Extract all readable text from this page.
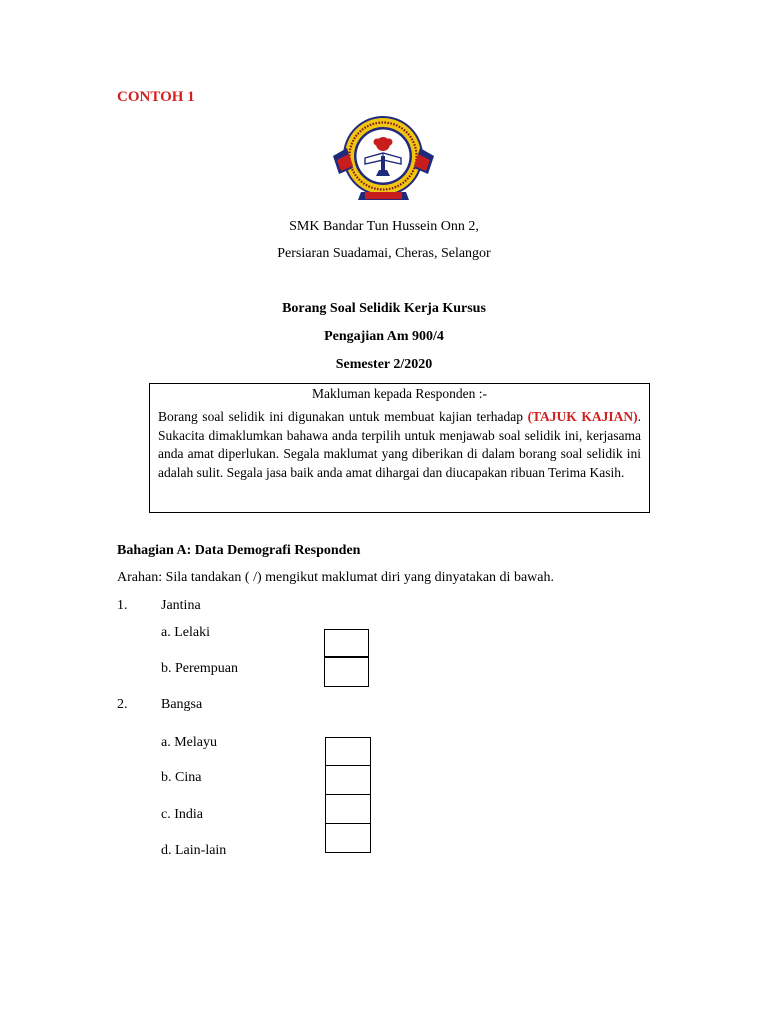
CONTOH 1
SMK Bandar Tun Hussein Onn 2,
Persiaran Suadamai, Cheras, Selangor
Borang Soal Selidik Kerja Kursus
Pengajian Am 900/4
Semester 2/2020
Makluman kepada Responden :-
Borang soal selidik ini digunakan untuk membuat kajian terhadap (TAJUK KAJIAN). Sukacita dimaklumkan bahawa anda terpilih untuk menjawab soal selidik ini, kerjasama anda amat diperlukan. Segala maklumat yang diberikan di dalam borang soal selidik ini adalah sulit. Segala jasa baik anda amat dihargai dan diucapakan ribuan Terima Kasih.
Bahagian A: Data Demografi Responden
Arahan: Sila tandakan ( /) mengikut maklumat diri yang dinyatakan di bawah.
1. Jantina
a. Lelaki
b. Perempuan
2. Bangsa
a. Melayu
b. Cina
c. India
d. Lain-lain
